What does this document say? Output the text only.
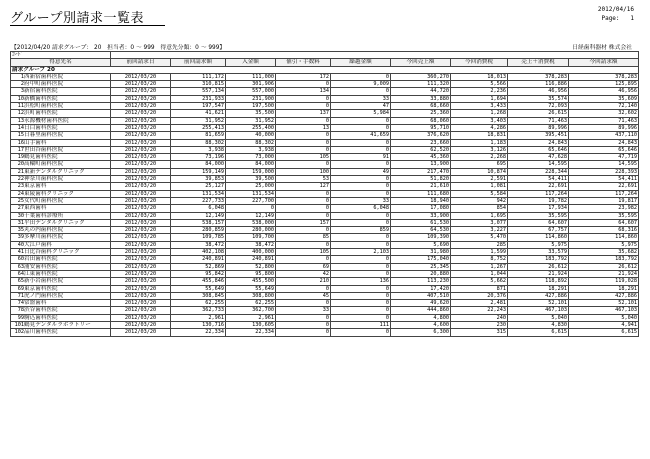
グループ別請求一覧表
2012/04/16
Page: 1
【2012/04/20 請求グループ： 20　担当者：0 ～ 999　得意先分類：0 ～ 999】	日経歯科器材 株式会社
ｺｰﾄﾞ									
得意先名	前回請求日	前回請求額	入金額	値引・手数料	繰越金額	今回売上額	今回消費税	売上＋消費税	今回請求額
請求グループ 20									
1西新宿歯科医院	2012/03/20	111,172	111,000	172	0	360,270	18,013	378,283	378,283
2府中町歯科医院	2012/03/20	310,815	301,906	0	9,009	111,320	5,566	116,886	125,895
3新宿歯科医院	2012/03/20	557,134	557,000	134	0	44,720	2,236	46,956	46,956
10新橋歯科医院	2012/03/20	231,933	231,900	0	33	33,880	1,694	35,574	35,609
11浜松町歯科医院	2012/03/20	197,547	197,500	0	47	68,660	3,433	72,093	72,140
12浜町歯科医院	2012/03/20	41,621	35,500	137	5,984	25,360	1,268	26,615	32,602
13永源機材歯科医院	2012/03/20	31,952	31,952	0	0	68,060	3,403	71,463	71,463
14日白歯科医院	2012/03/20	255,413	255,400	13	0	95,710	4,286	89,996	89,996
15日暮里歯科医院	2012/03/20	81,659	40,000	0	41,659	376,620	18,831	395,451	437,110
16山手歯科	2012/03/20	88,302	88,302	0	0	23,660	1,183	24,843	24,843
17世田谷歯科医院	2012/03/20	3,938	3,938	0	0	62,520	3,126	65,646	65,646
19鶴見歯科医院	2012/03/20	73,196	73,000	105	91	45,360	2,268	47,628	47,719
20高輪町歯科医院	2012/03/20	84,000	84,000	0	0	13,900	695	14,595	14,595
21東新デンタルクリニック	2012/03/20	159,149	159,000	100	49	217,470	10,874	228,344	228,393
22神奈川歯科医院	2012/03/20	39,853	39,500	53	0	51,820	2,591	54,411	54,411
23東京歯科	2012/03/20	25,127	25,000	127	0	21,610	1,081	22,691	22,691
24東陵歯科クリニック	2012/03/20	131,534	131,534	0	0	111,680	5,584	117,264	117,264
25女代町歯科医院	2012/03/20	227,733	227,700	0	33	18,940	942	19,782	19,817
27東西歯科	2012/03/20	6,048	0	0	6,048	17,080	854	17,934	23,982
30千葉歯科診療所	2012/03/20	12,149	12,149	0	0	33,900	1,695	35,595	35,595
31平田デンタルクリニック	2012/03/20	538,157	538,000	157	0	61,530	3,077	64,607	64,607
35丸の内歯科医院	2012/03/20	280,859	280,000	0	859	64,530	3,227	67,757	68,316
39多摩川歯科医院	2012/03/20	109,785	109,700	85	0	109,390	5,470	114,860	114,860
40大江戸歯科	2012/03/20	38,472	38,472	0	0	5,690	285	5,975	5,975
41日比谷歯科クリニック	2012/03/20	402,108	400,000	105	2,103	31,980	1,599	33,579	35,682
60岩田歯科医院	2012/03/20	240,891	240,891	0	0	175,040	8,752	183,792	183,792
63浦安歯科医院	2012/03/20	52,869	52,800	69	0	25,345	1,267	26,612	26,612
64江東歯科医院	2012/03/20	95,842	95,800	42	0	20,880	1,044	21,924	21,924
65新小岩歯科医院	2012/03/20	455,846	455,500	210	136	113,230	5,662	118,892	119,028
69東京歯科医院	2012/03/20	55,649	55,649	0	0	17,420	871	18,291	18,291
71虎ノ門歯科医院	2012/03/20	308,845	308,800	45	0	407,510	20,376	427,886	427,886
74常盤歯科	2012/03/20	62,255	62,255	0	0	49,620	2,481	52,101	52,101
78渋谷歯科医院	2012/03/20	362,733	362,700	33	0	444,860	22,243	467,103	467,103
99駒込歯科医院	2012/03/20	2,961	2,961	0	0	4,800	240	5,040	5,040
101鶴見デンタルラボラトリー	2012/03/20	130,716	130,605	0	111	4,600	230	4,830	4,941
102品川歯科医院	2012/03/20	22,334	22,334	0	0	6,300	315	6,615	6,615
